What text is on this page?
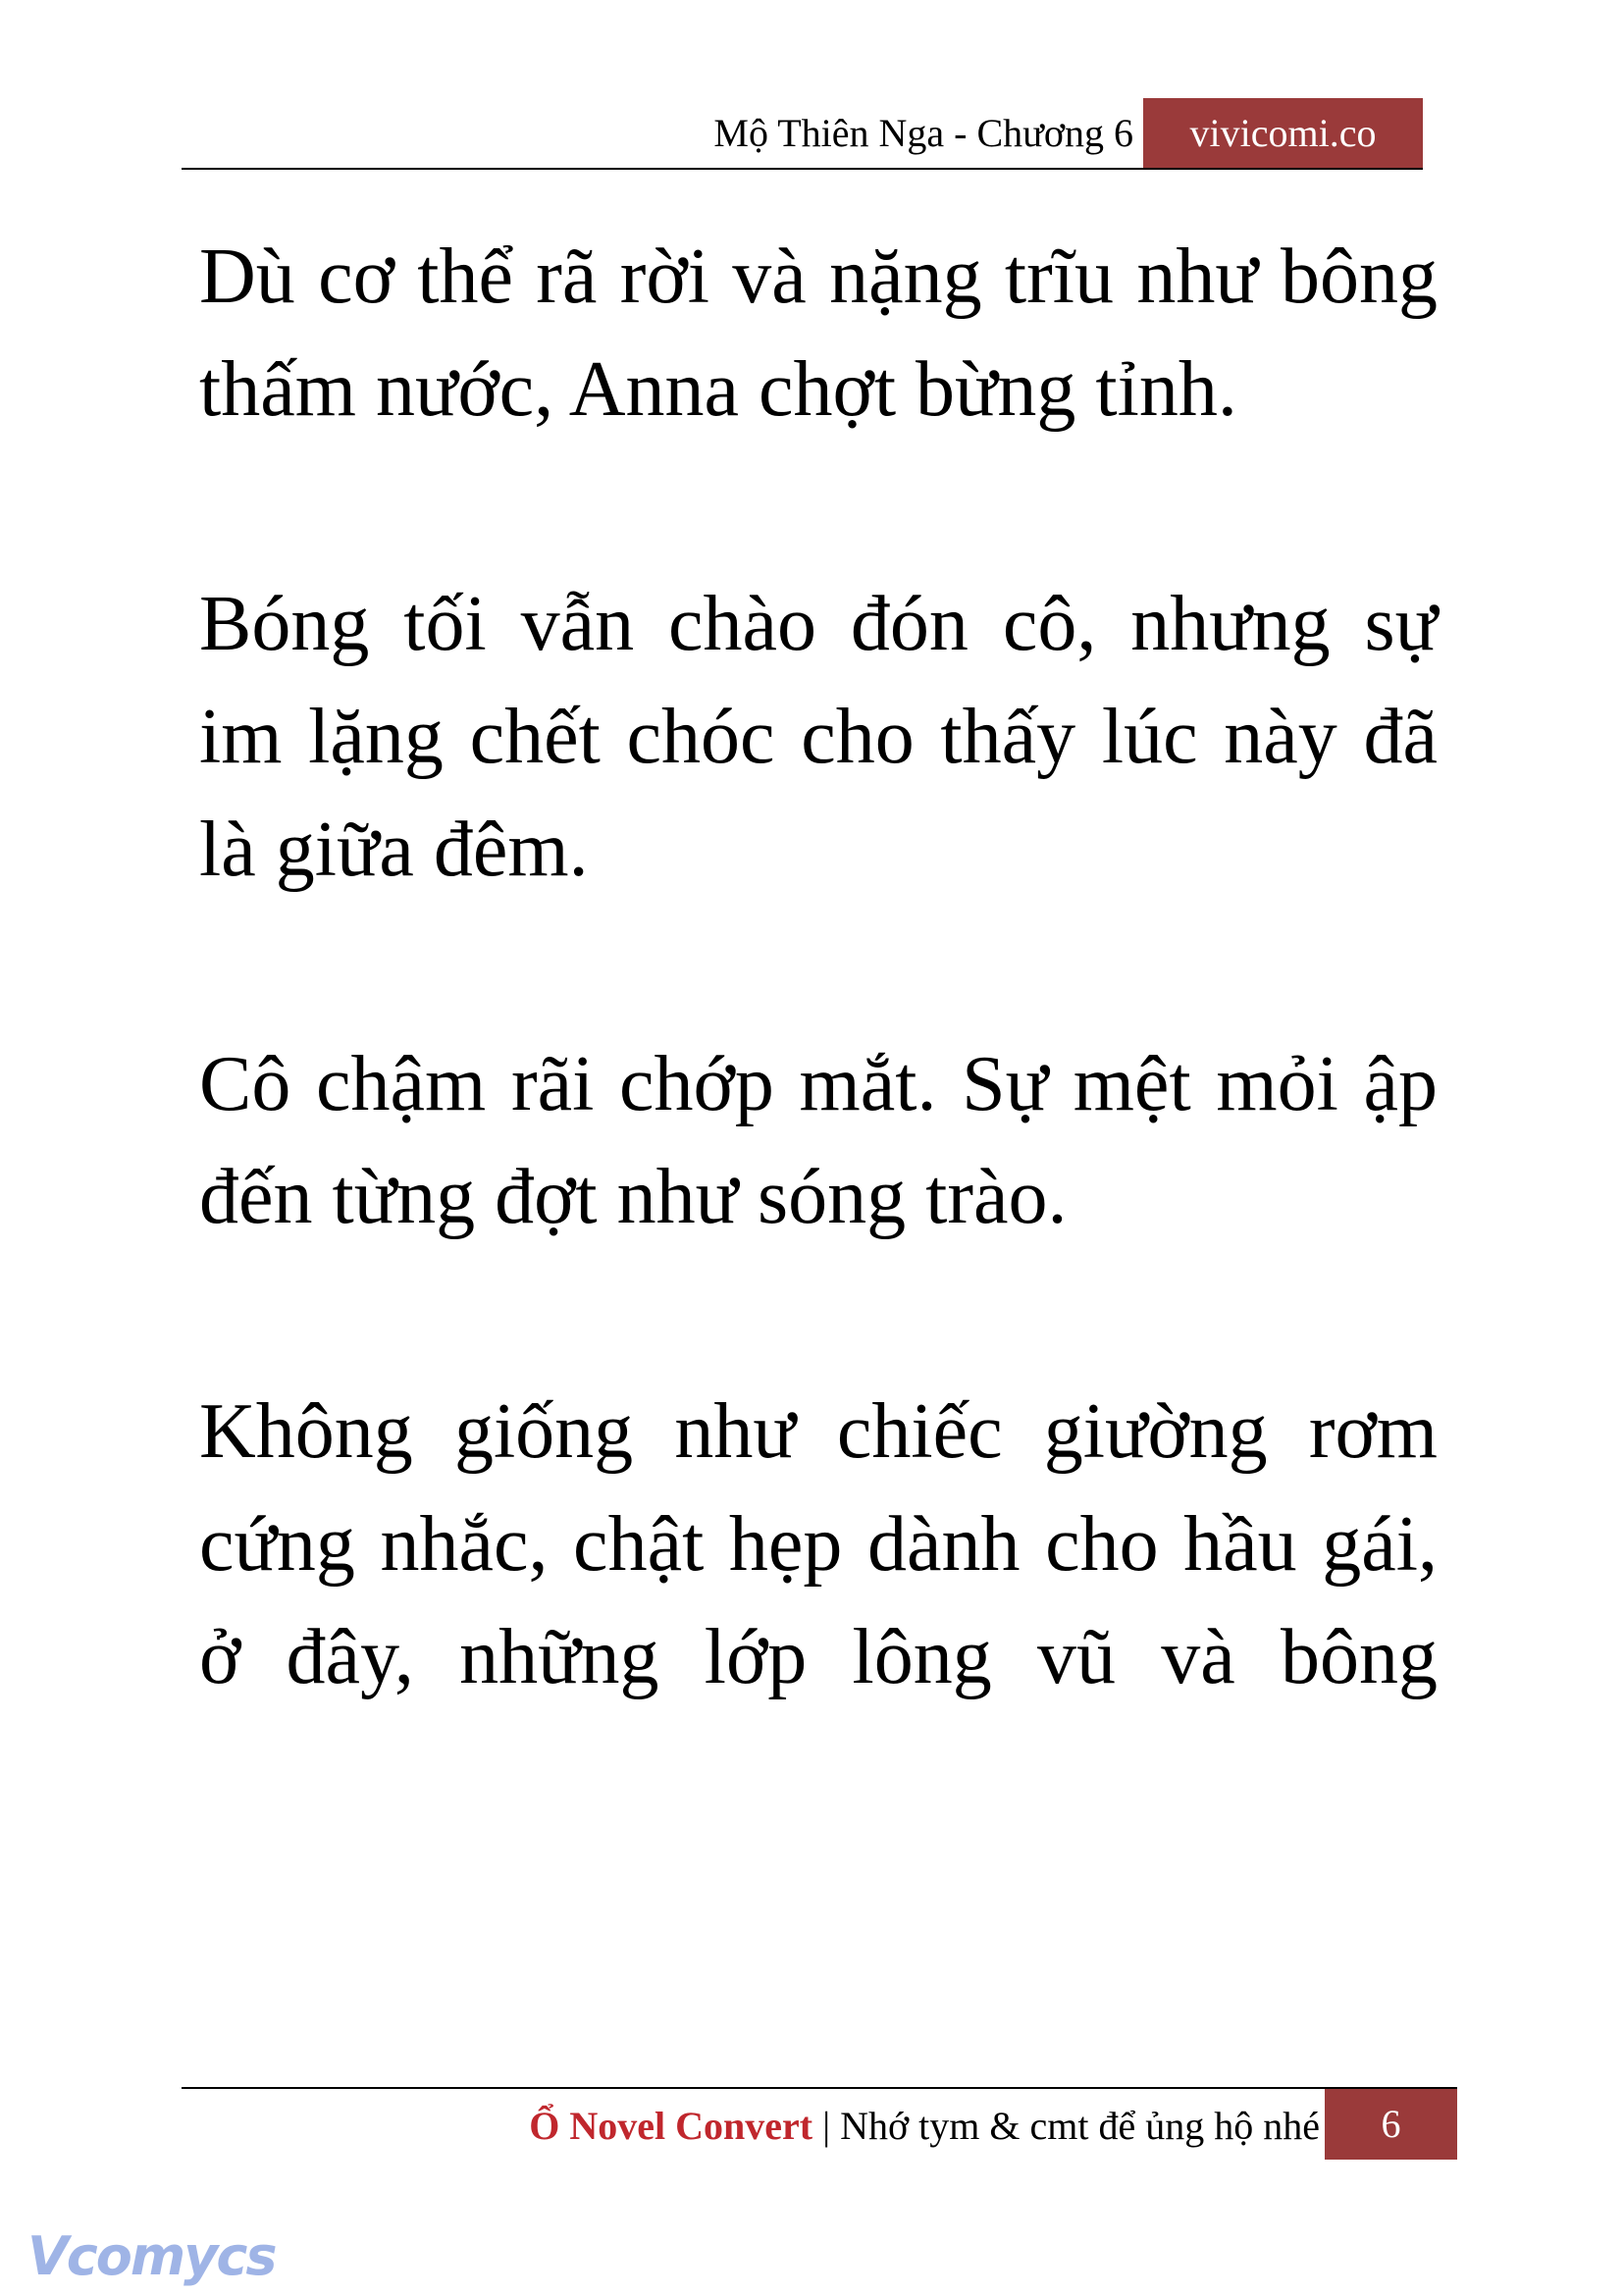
Mộ Thiên Nga - Chương 6	vivicomi.co

Dù cơ thể rã rời và nặng trĩu như bông thấm nước, Anna chợt bừng tỉnh.

Bóng tối vẫn chào đón cô, nhưng sự im lặng chết chóc cho thấy lúc này đã là giữa đêm.

Cô chậm rãi chớp mắt. Sự mệt mỏi ập đến từng đợt như sóng trào.

Không giống như chiếc giường rơm cứng nhắc, chật hẹp dành cho hầu gái, ở đây, những lớp lông vũ và bông

Ổ Novel Convert | Nhớ tym & cmt để ủng hộ nhé	6
Vcomycs
